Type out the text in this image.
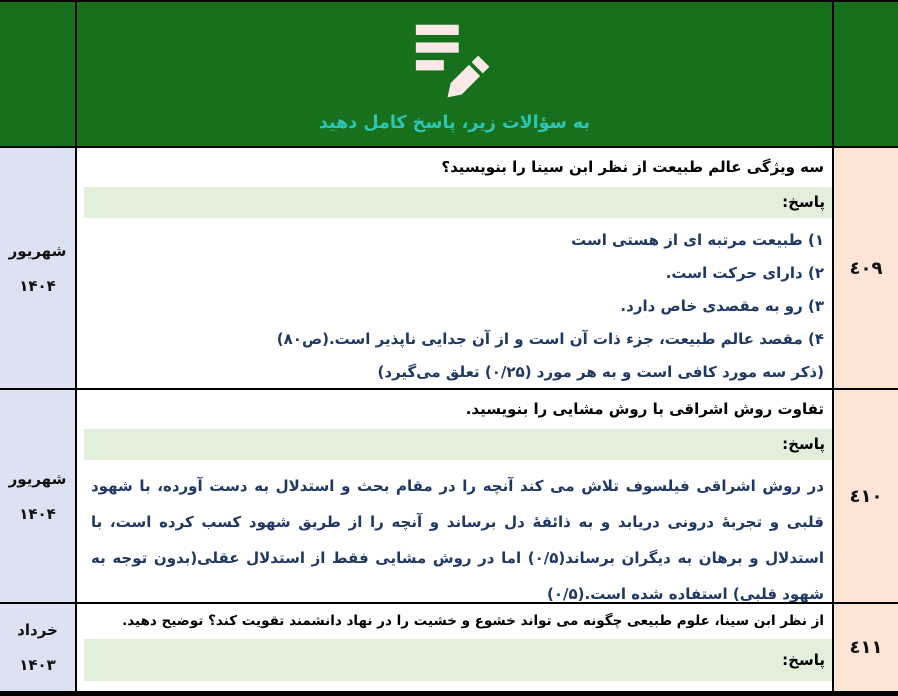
به سؤالات زیر، پاسخ کامل دهید
٤٠٩
سه ویژگی عالم طبیعت از نظر ابن سینا را بنویسید؟
پاسخ:
۱) طبیعت مرتبه ای از هستی است
۲) دارای حرکت است.
۳) رو به مقصدی خاص دارد.
۴) مقصد عالم طبیعت، جزء ذات آن است و از آن جدایی ناپذیر است.(ص۸۰)
(ذکر سه مورد کافی است و به هر مورد (۰/۲۵) تعلق می‌گیرد)
شهریور
۱۴۰۴
٤١٠
تفاوت روش اشراقی با روش مشایی را بنویسید.
پاسخ:
در روش اشراقی فیلسوف تلاش می کند آنچه را در مقام بحث و استدلال به دست آورده، با شهود قلبی و تجربۀ درونی دریابد و به ذائقۀ دل برساند و آنچه را از طریق شهود کسب کرده است، با استدلال و برهان به دیگران برساند(۰/۵) اما در روش مشایی فقط از استدلال عقلی(بدون توجه به شهود قلبی) استفاده شده است.(۰/۵)
شهریور
۱۴۰۴
٤١١
از نظر ابن سینا، علوم طبیعی چگونه می تواند خشوع و خشیت را در نهاد دانشمند تقویت کند؟ توضیح دهید.
پاسخ:
خرداد
۱۴۰۳
